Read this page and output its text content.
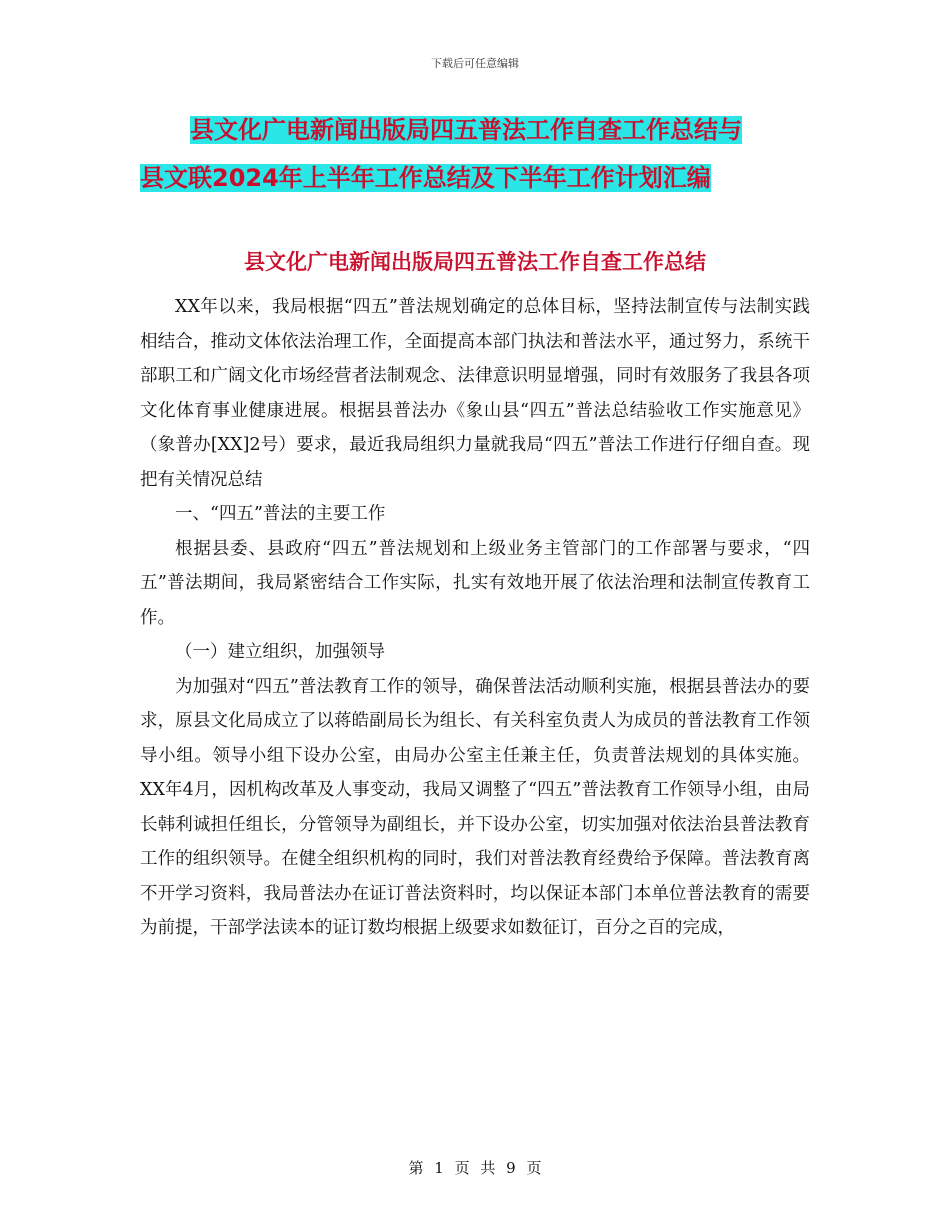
下载后可任意编辑
县文化广电新闻出版局四五普法工作自查工作总结与
县文联2024年上半年工作总结及下半年工作计划汇编
县文化广电新闻出版局四五普法工作自查工作总结

XX年以来，我局根据“四五”普法规划确定的总体目标，坚持法制宣传与法制实践相结合，推动文体依法治理工作，全面提高本部门执法和普法水平，通过努力，系统干部职工和广阔文化市场经营者法制观念、法律意识明显增强，同时有效服务了我县各项文化体育事业健康进展。根据县普法办《象山县“四五”普法总结验收工作实施意见》（象普办[XX]2号）要求，最近我局组织力量就我局“四五”普法工作进行仔细自查。现把有关情况总结

一、“四五”普法的主要工作

根据县委、县政府“四五”普法规划和上级业务主管部门的工作部署与要求，“四五”普法期间，我局紧密结合工作实际，扎实有效地开展了依法治理和法制宣传教育工作。

（一）建立组织，加强领导

为加强对“四五”普法教育工作的领导，确保普法活动顺利实施，根据县普法办的要求，原县文化局成立了以蒋皓副局长为组长、有关科室负责人为成员的普法教育工作领导小组。领导小组下设办公室，由局办公室主任兼主任，负责普法规划的具体实施。XX年4月，因机构改革及人事变动，我局又调整了“四五”普法教育工作领导小组，由局长韩利诚担任组长，分管领导为副组长，并下设办公室，切实加强对依法治县普法教育工作的组织领导。在健全组织机构的同时，我们对普法教育经费给予保障。普法教育离不开学习资料，我局普法办在证订普法资料时，均以保证本部门本单位普法教育的需要为前提，干部学法读本的证订数均根据上级要求如数征订，百分之百的完成，

第 1 页 共 9 页
